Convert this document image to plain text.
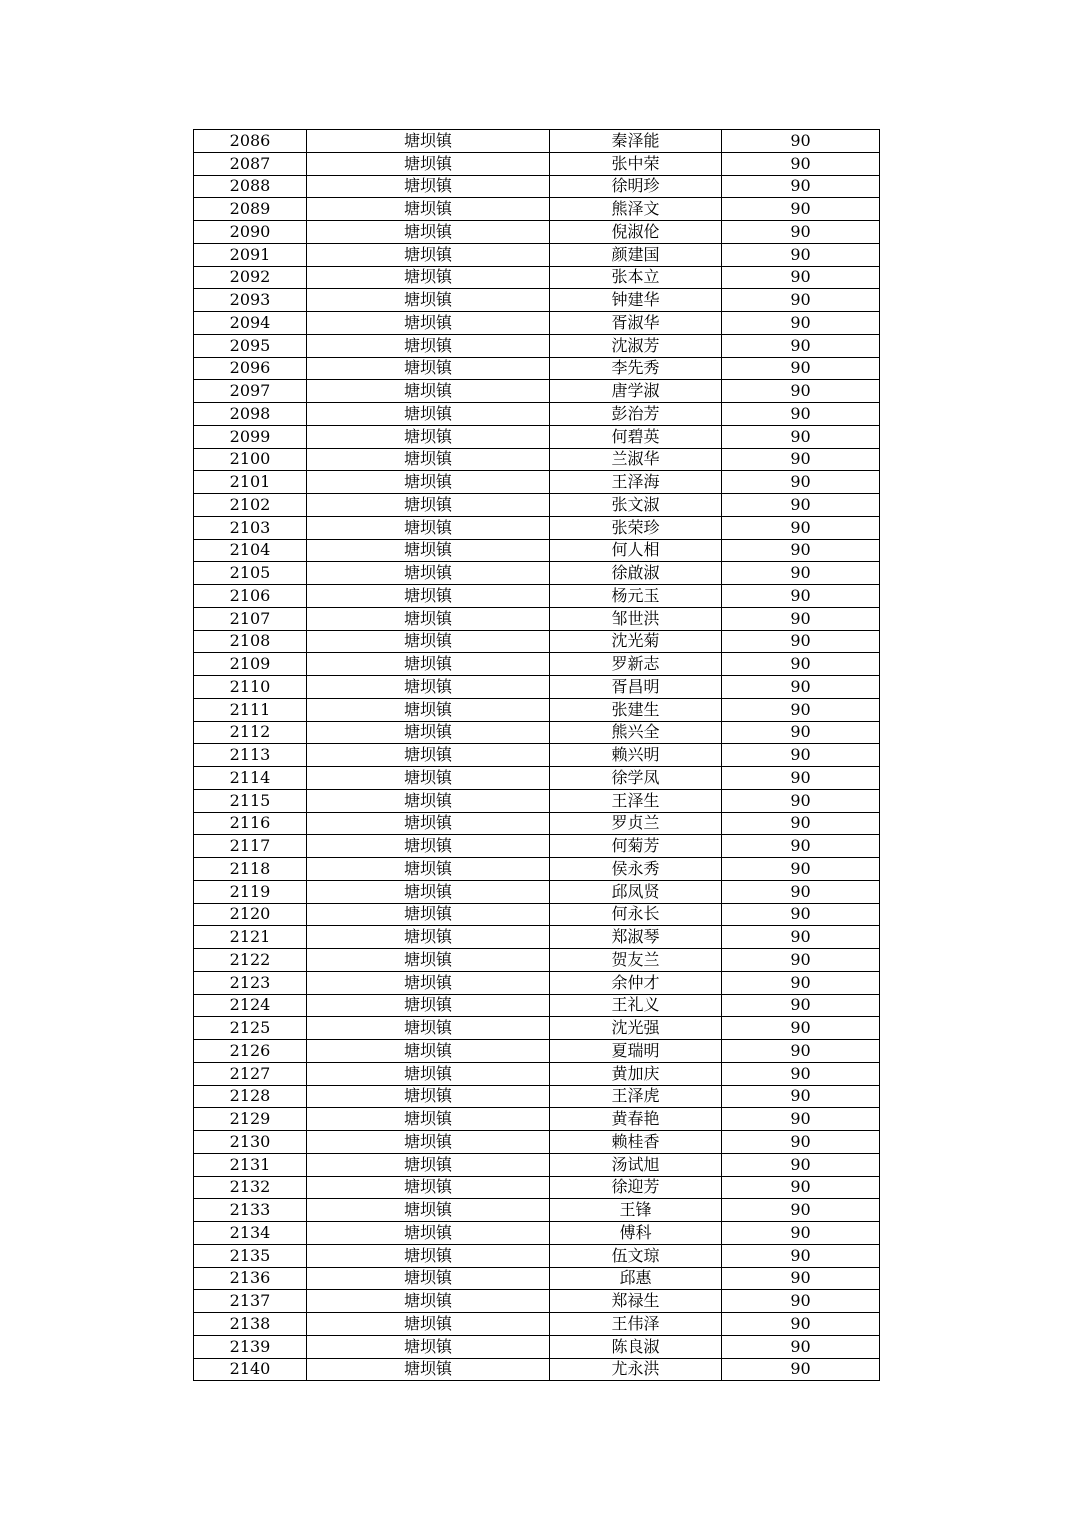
2086	塘坝镇	秦泽能	90
2087	塘坝镇	张中荣	90
2088	塘坝镇	徐明珍	90
2089	塘坝镇	熊泽文	90
2090	塘坝镇	倪淑伦	90
2091	塘坝镇	颜建国	90
2092	塘坝镇	张本立	90
2093	塘坝镇	钟建华	90
2094	塘坝镇	胥淑华	90
2095	塘坝镇	沈淑芳	90
2096	塘坝镇	李先秀	90
2097	塘坝镇	唐学淑	90
2098	塘坝镇	彭治芳	90
2099	塘坝镇	何碧英	90
2100	塘坝镇	兰淑华	90
2101	塘坝镇	王泽海	90
2102	塘坝镇	张文淑	90
2103	塘坝镇	张荣珍	90
2104	塘坝镇	何人相	90
2105	塘坝镇	徐啟淑	90
2106	塘坝镇	杨元玉	90
2107	塘坝镇	邹世洪	90
2108	塘坝镇	沈光菊	90
2109	塘坝镇	罗新志	90
2110	塘坝镇	胥昌明	90
2111	塘坝镇	张建生	90
2112	塘坝镇	熊兴全	90
2113	塘坝镇	赖兴明	90
2114	塘坝镇	徐学凤	90
2115	塘坝镇	王泽生	90
2116	塘坝镇	罗贞兰	90
2117	塘坝镇	何菊芳	90
2118	塘坝镇	侯永秀	90
2119	塘坝镇	邱凤贤	90
2120	塘坝镇	何永长	90
2121	塘坝镇	郑淑琴	90
2122	塘坝镇	贺友兰	90
2123	塘坝镇	余仲才	90
2124	塘坝镇	王礼义	90
2125	塘坝镇	沈光强	90
2126	塘坝镇	夏瑞明	90
2127	塘坝镇	黄加庆	90
2128	塘坝镇	王泽虎	90
2129	塘坝镇	黄春艳	90
2130	塘坝镇	赖桂香	90
2131	塘坝镇	汤试旭	90
2132	塘坝镇	徐迎芳	90
2133	塘坝镇	王锋	90
2134	塘坝镇	傅科	90
2135	塘坝镇	伍文琼	90
2136	塘坝镇	邱惠	90
2137	塘坝镇	郑禄生	90
2138	塘坝镇	王伟泽	90
2139	塘坝镇	陈良淑	90
2140	塘坝镇	尤永洪	90
